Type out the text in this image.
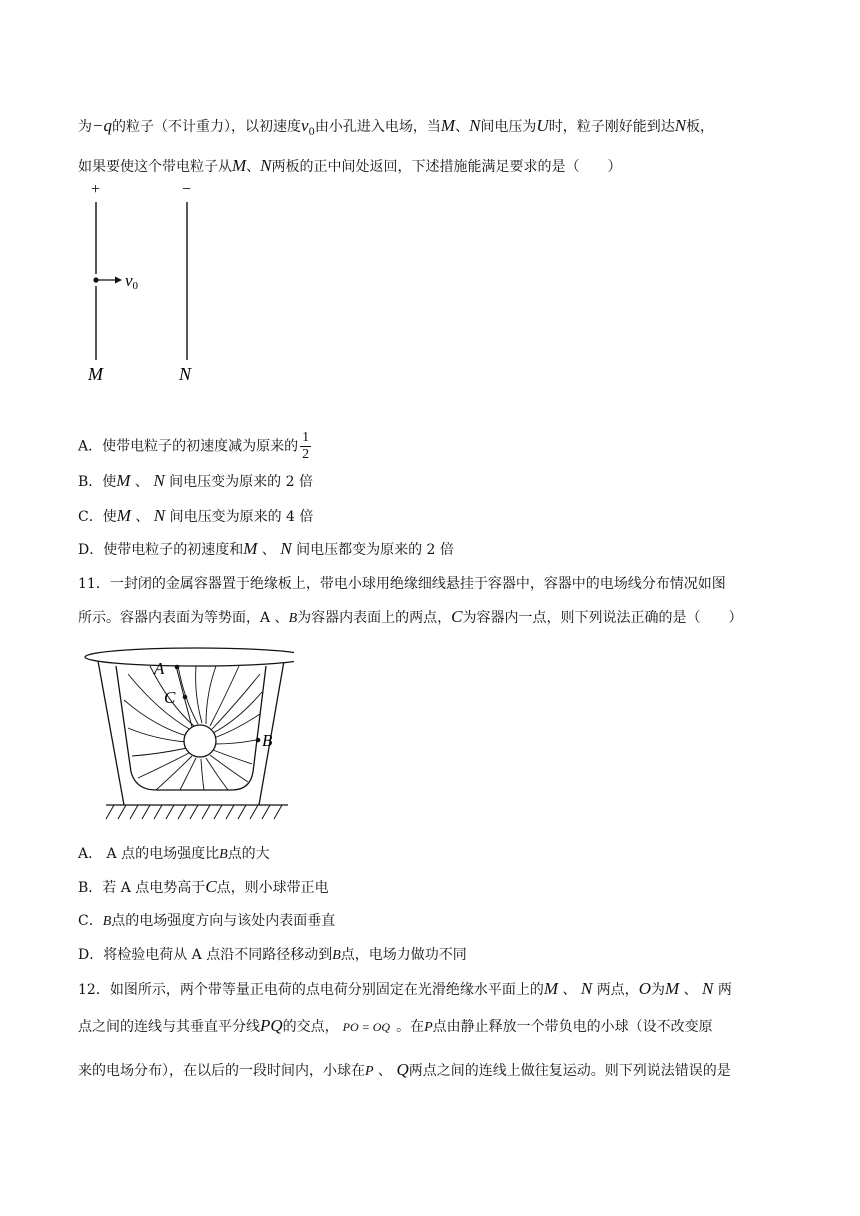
为−q的粒子（不计重力），以初速度$v_0$由小孔进入电场，当M、N间电压为U时，粒子刚好能到达N板，
如果要使这个带电粒子从M、N两板的正中间处返回，下述措施能满足要求的是（　　）
+	−
v0
M	N
A．使带电粒子的初速度减为原来的 $\frac{1}{2}$
B．使M 、 N 间电压变为原来的 2 倍
C．使M 、 N 间电压变为原来的 4 倍
D．使带电粒子的初速度和M 、 N 间电压都变为原来的 2 倍
11．一封闭的金属容器置于绝缘板上，带电小球用绝缘细线悬挂于容器中，容器中的电场线分布情况如图
所示。容器内表面为等势面，A 、B为容器内表面上的两点，C为容器内一点，则下列说法正确的是（　　）
A
C
B
A． A 点的电场强度比B点的大
B．若 A 点电势高于C点，则小球带正电
C．B点的电场强度方向与该处内表面垂直
D．将检验电荷从 A 点沿不同路径移动到B点，电场力做功不同
12．如图所示，两个带等量正电荷的点电荷分别固定在光滑绝缘水平面上的M 、 N 两点，O为M 、 N 两
点之间的连线与其垂直平分线PQ的交点， PO = OQ 。在P点由静止释放一个带负电的小球（设不改变原
来的电场分布），在以后的一段时间内，小球在P 、 Q两点之间的连线上做往复运动。则下列说法错误的是
